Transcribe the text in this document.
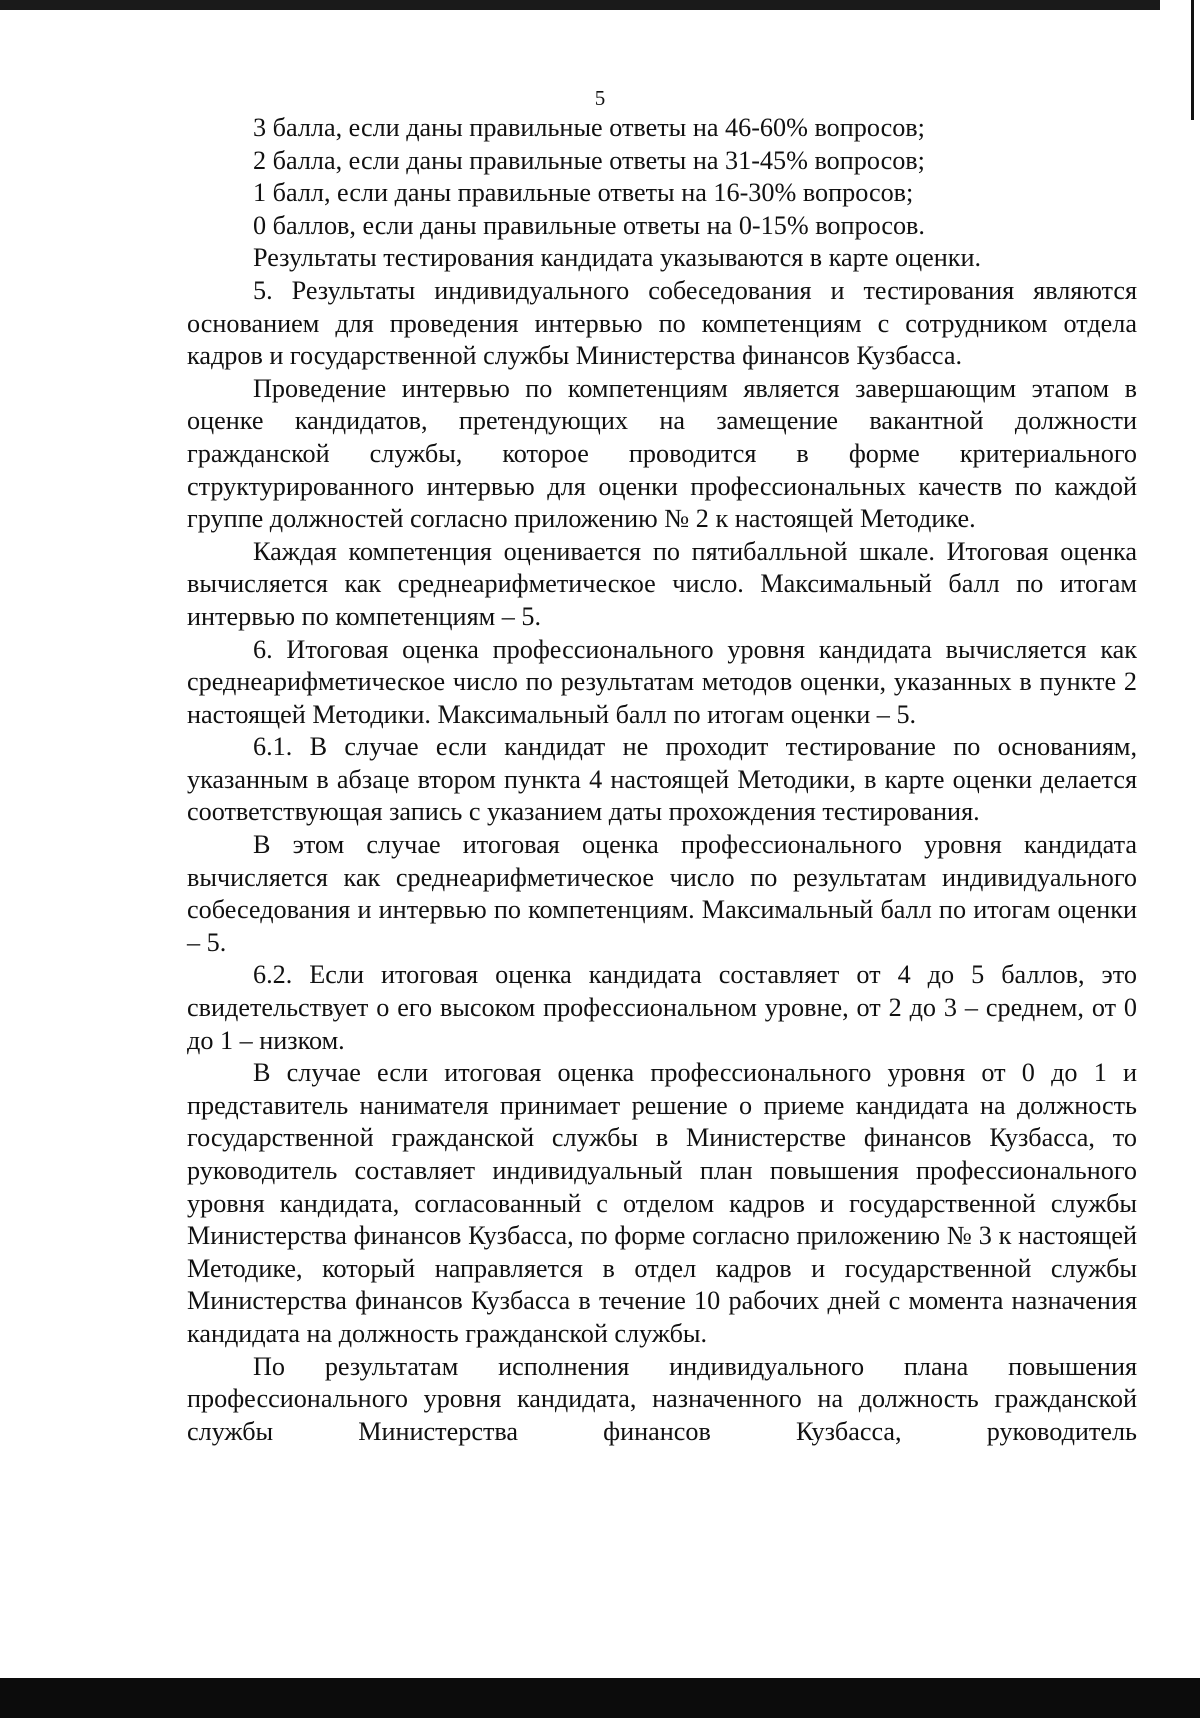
5

3 балла, если даны правильные ответы на 46-60% вопросов;

2 балла, если даны правильные ответы на 31-45% вопросов;

1 балл, если даны правильные ответы на 16-30% вопросов;

0 баллов, если даны правильные ответы на 0-15% вопросов.

Результаты тестирования кандидата указываются в карте оценки.

5. Результаты индивидуального собеседования и тестирования являются основанием для проведения интервью по компетенциям с сотрудником отдела кадров и государственной службы Министерства финансов Кузбасса.

Проведение интервью по компетенциям является завершающим этапом в оценке кандидатов, претендующих на замещение вакантной должности гражданской службы, которое проводится в форме критериального структурированного интервью для оценки профессиональных качеств по каждой группе должностей согласно приложению № 2 к настоящей Методике.

Каждая компетенция оценивается по пятибалльной шкале. Итоговая оценка вычисляется как среднеарифметическое число. Максимальный балл по итогам интервью по компетенциям – 5.

6. Итоговая оценка профессионального уровня кандидата вычисляется как среднеарифметическое число по результатам методов оценки, указанных в пункте 2 настоящей Методики. Максимальный балл по итогам оценки – 5.

6.1. В случае если кандидат не проходит тестирование по основаниям, указанным в абзаце втором пункта 4 настоящей Методики, в карте оценки делается соответствующая запись с указанием даты прохождения тестирования.

В этом случае итоговая оценка профессионального уровня кандидата вычисляется как среднеарифметическое число по результатам индивидуального собеседования и интервью по компетенциям. Максимальный балл по итогам оценки – 5.

6.2. Если итоговая оценка кандидата составляет от 4 до 5 баллов, это свидетельствует о его высоком профессиональном уровне, от 2 до 3 – среднем, от 0 до 1 – низком.

В случае если итоговая оценка профессионального уровня от 0 до 1 и представитель нанимателя принимает решение о приеме кандидата на должность государственной гражданской службы в Министерстве финансов Кузбасса, то руководитель составляет индивидуальный план повышения профессионального уровня кандидата, согласованный с отделом кадров и государственной службы Министерства финансов Кузбасса, по форме согласно приложению № 3 к настоящей Методике, который направляется в отдел кадров и государственной службы Министерства финансов Кузбасса в течение 10 рабочих дней с момента назначения кандидата на должность гражданской службы.

По результатам исполнения индивидуального плана повышения профессионального уровня кандидата, назначенного на должность гражданской службы Министерства финансов Кузбасса, руководитель
